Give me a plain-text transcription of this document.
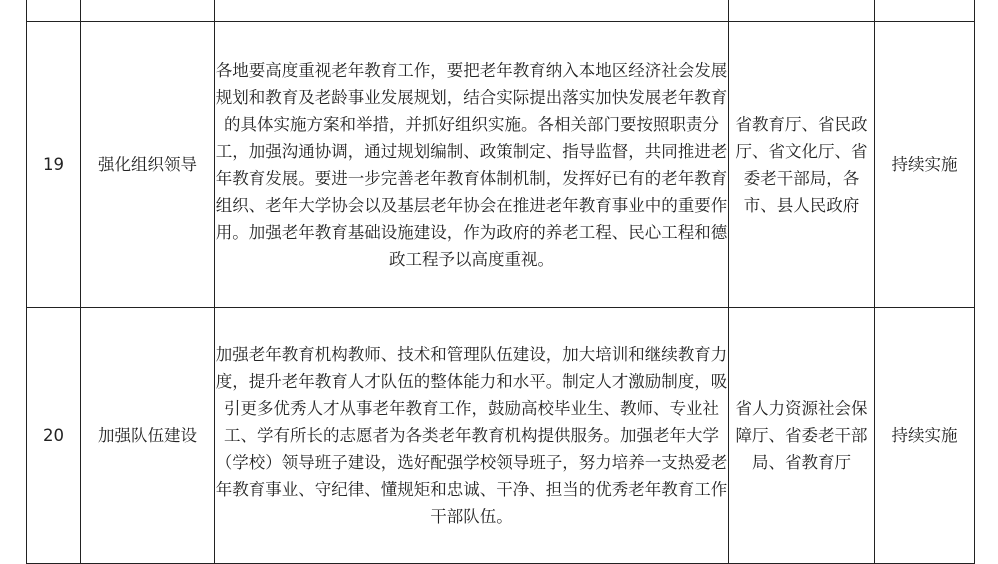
19	强化组织领导	各地要高度重视老年教育工作，要把老年教育纳入本地区经济社会发展规划和教育及老龄事业发展规划，结合实际提出落实加快发展老年教育的具体实施方案和举措，并抓好组织实施。各相关部门要按照职责分工，加强沟通协调，通过规划编制、政策制定、指导监督，共同推进老年教育发展。要进一步完善老年教育体制机制，发挥好已有的老年教育组织、老年大学协会以及基层老年协会在推进老年教育事业中的重要作用。加强老年教育基础设施建设，作为政府的养老工程、民心工程和德政工程予以高度重视。	省教育厅、省民政厅、省文化厅、省委老干部局，各市、县人民政府	持续实施

20	加强队伍建设	加强老年教育机构教师、技术和管理队伍建设，加大培训和继续教育力度，提升老年教育人才队伍的整体能力和水平。制定人才激励制度，吸引更多优秀人才从事老年教育工作，鼓励高校毕业生、教师、专业社工、学有所长的志愿者为各类老年教育机构提供服务。加强老年大学（学校）领导班子建设，选好配强学校领导班子，努力培养一支热爱老年教育事业、守纪律、懂规矩和忠诚、干净、担当的优秀老年教育工作干部队伍。	省人力资源社会保障厅、省委老干部局、省教育厅	持续实施
